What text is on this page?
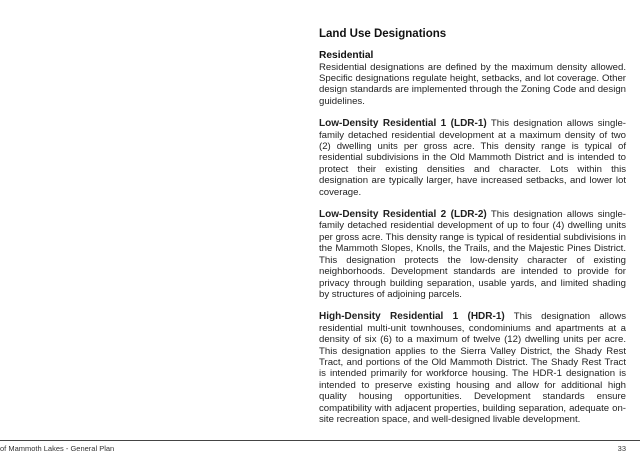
Land Use Designations
Residential

Residential designations are defined by the maximum density allowed. Specific designations regulate height, setbacks, and lot coverage. Other design standards are implemented through the Zoning Code and design guidelines.

Low-Density Residential 1 (LDR-1) This designation allows single-family detached residential development at a maximum density of two (2) dwelling units per gross acre. This density range is typical of residential subdivisions in the Old Mammoth District and is intended to protect their existing densities and character. Lots within this designation are typically larger, have increased setbacks, and lower lot coverage.

Low-Density Residential 2 (LDR-2) This designation allows single-family detached residential development of up to four (4) dwelling units per gross acre. This density range is typical of residential subdivisions in the Mammoth Slopes, Knolls, the Trails, and the Majestic Pines District. This designation protects the low-density character of existing neighborhoods. Development standards are intended to provide for privacy through building separation, usable yards, and limited shading by structures of adjoining parcels.

High-Density Residential 1 (HDR-1) This designation allows residential multi-unit townhouses, condominiums and apartments at a density of six (6) to a maximum of twelve (12) dwelling units per acre. This designation applies to the Sierra Valley District, the Shady Rest Tract, and portions of the Old Mammoth District. The Shady Rest Tract is intended primarily for workforce housing. The HDR-1 designation is intended to preserve existing housing and allow for additional high quality housing opportunities. Development standards ensure compatibility with adjacent properties, building separation, adequate on-site recreation space, and well-designed livable development.

of Mammoth Lakes - General Plan	33
